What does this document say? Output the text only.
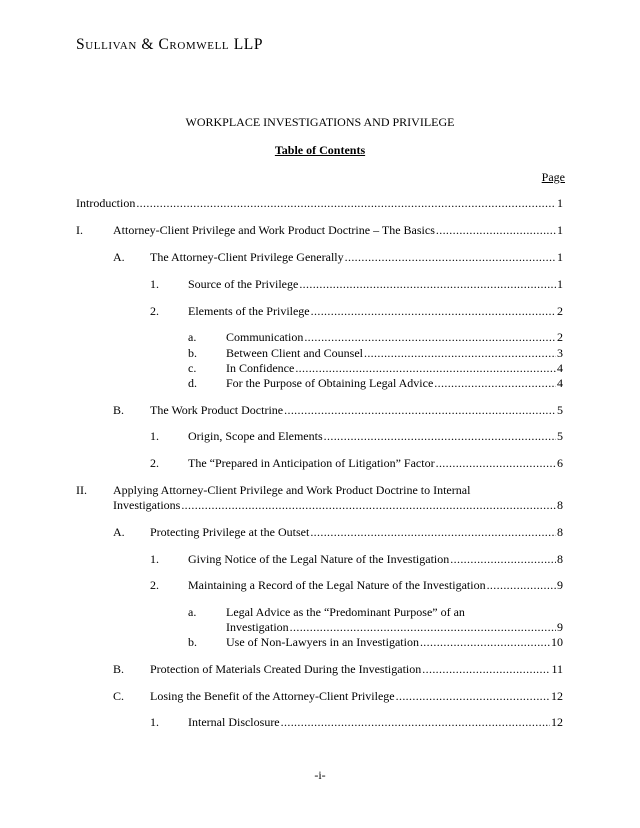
Sullivan & Cromwell LLP
WORKPLACE INVESTIGATIONS AND PRIVILEGE
Table of Contents
Page
Introduction .....	1
I.	Attorney-Client Privilege and Work Product Doctrine – The Basics .....	1
A. The Attorney-Client Privilege Generally .....	1
1. Source of the Privilege .....	1
2. Elements of the Privilege .....	2
a. Communication .....	2
b. Between Client and Counsel .....	3
c. In Confidence .....	4
d. For the Purpose of Obtaining Legal Advice .....	4
B. The Work Product Doctrine .....	5
1. Origin, Scope and Elements .....	5
2. The “Prepared in Anticipation of Litigation” Factor .....	6
II. Applying Attorney-Client Privilege and Work Product Doctrine to Internal
Investigations .....	8
A. Protecting Privilege at the Outset .....	8
1. Giving Notice of the Legal Nature of the Investigation .....	8
2. Maintaining a Record of the Legal Nature of the Investigation .....	9
a. Legal Advice as the “Predominant Purpose” of an
Investigation .....	9
b. Use of Non-Lawyers in an Investigation .....	10
B. Protection of Materials Created During the Investigation .....	11
C. Losing the Benefit of the Attorney-Client Privilege .....	12
1. Internal Disclosure .....	12
-i-
